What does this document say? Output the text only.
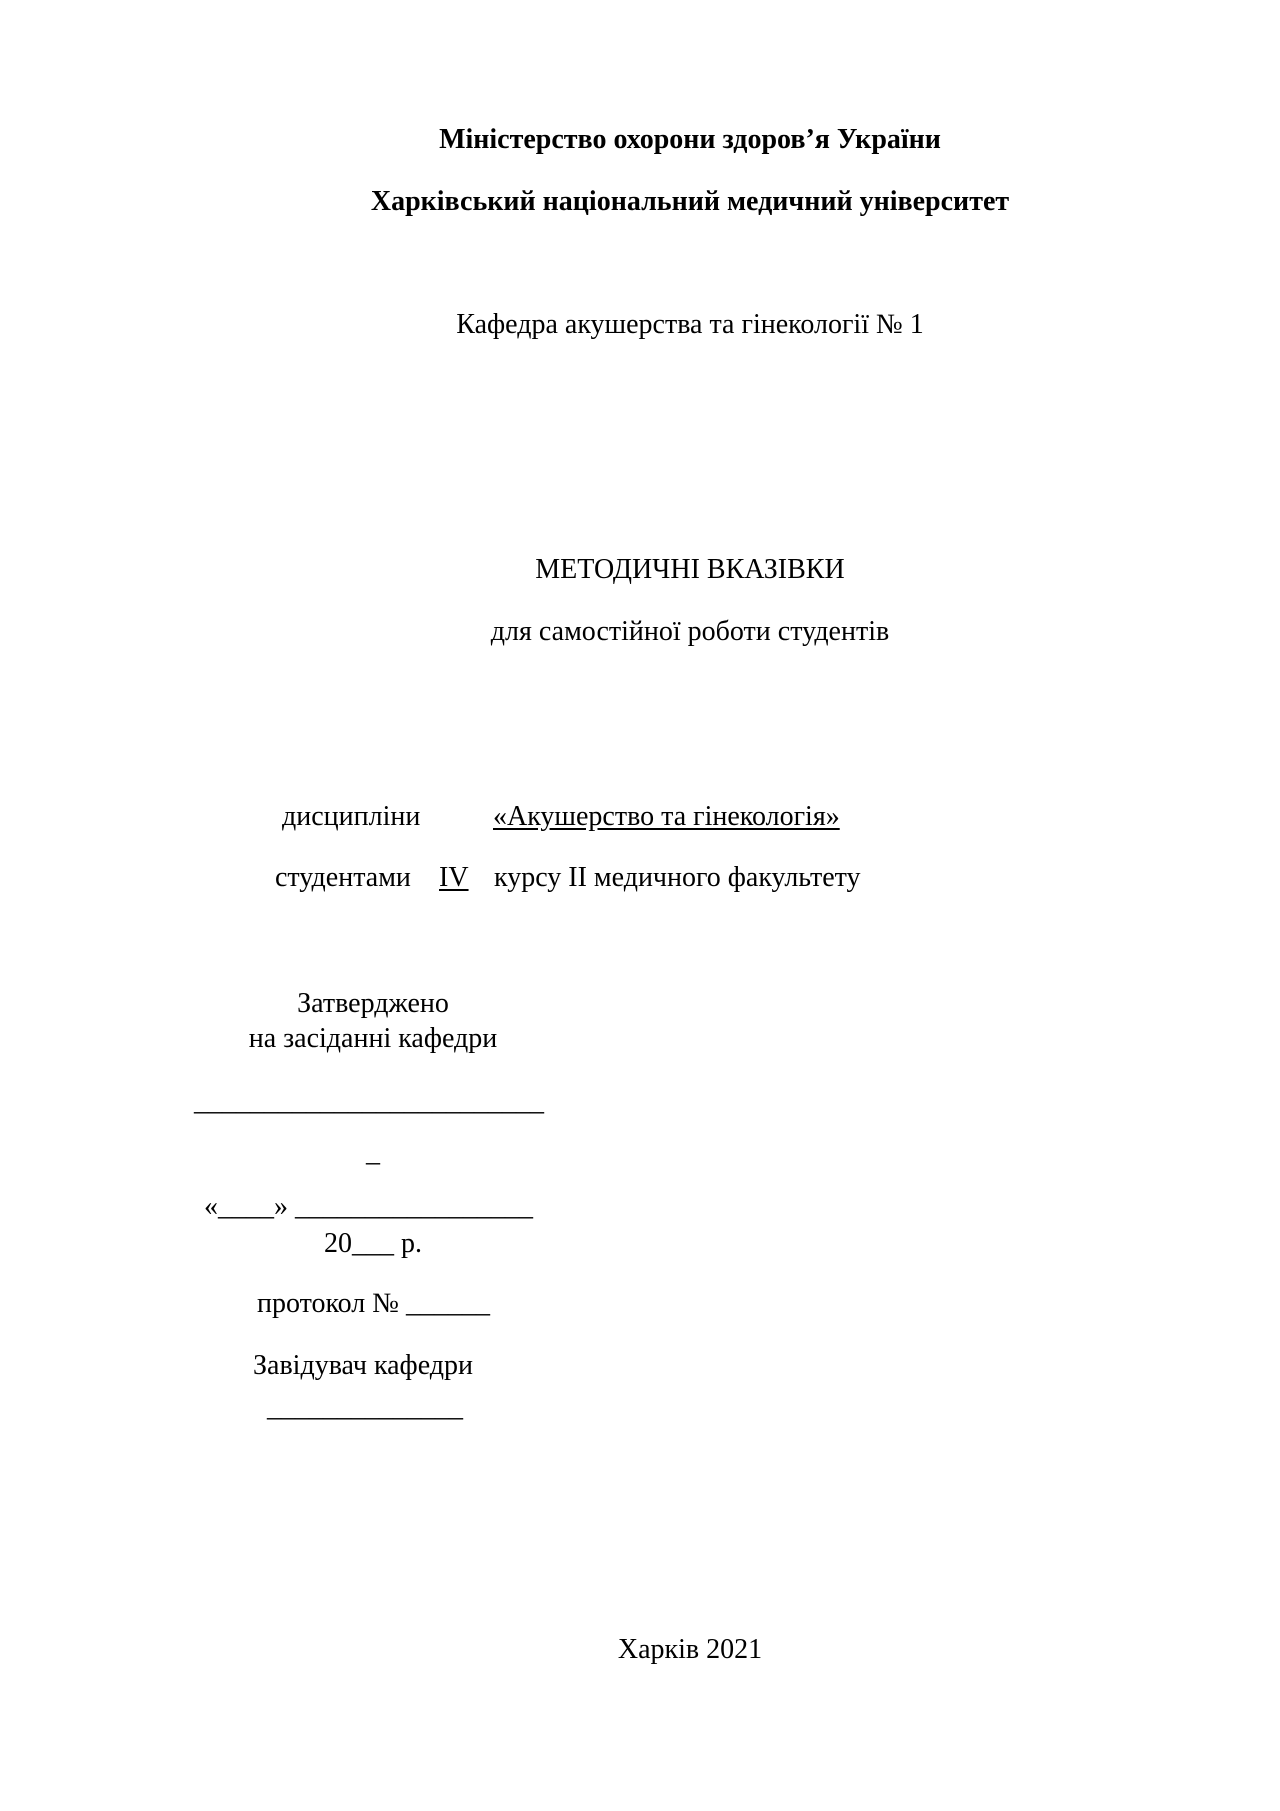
Міністерство охорони здоров’я України
Харківський національний медичний університет
Кафедра акушерства та гінекології № 1
МЕТОДИЧНІ ВКАЗІВКИ
для самостійної роботи студентів
дисципліни	«Акушерство та гінекологія»
студентами IV курсу II медичного факультету
Затверджено
на засіданні кафедри
_________________________
_
«____» _________________
20___ р.
протокол № ______
Завідувач кафедри
______________
Харків 2021
